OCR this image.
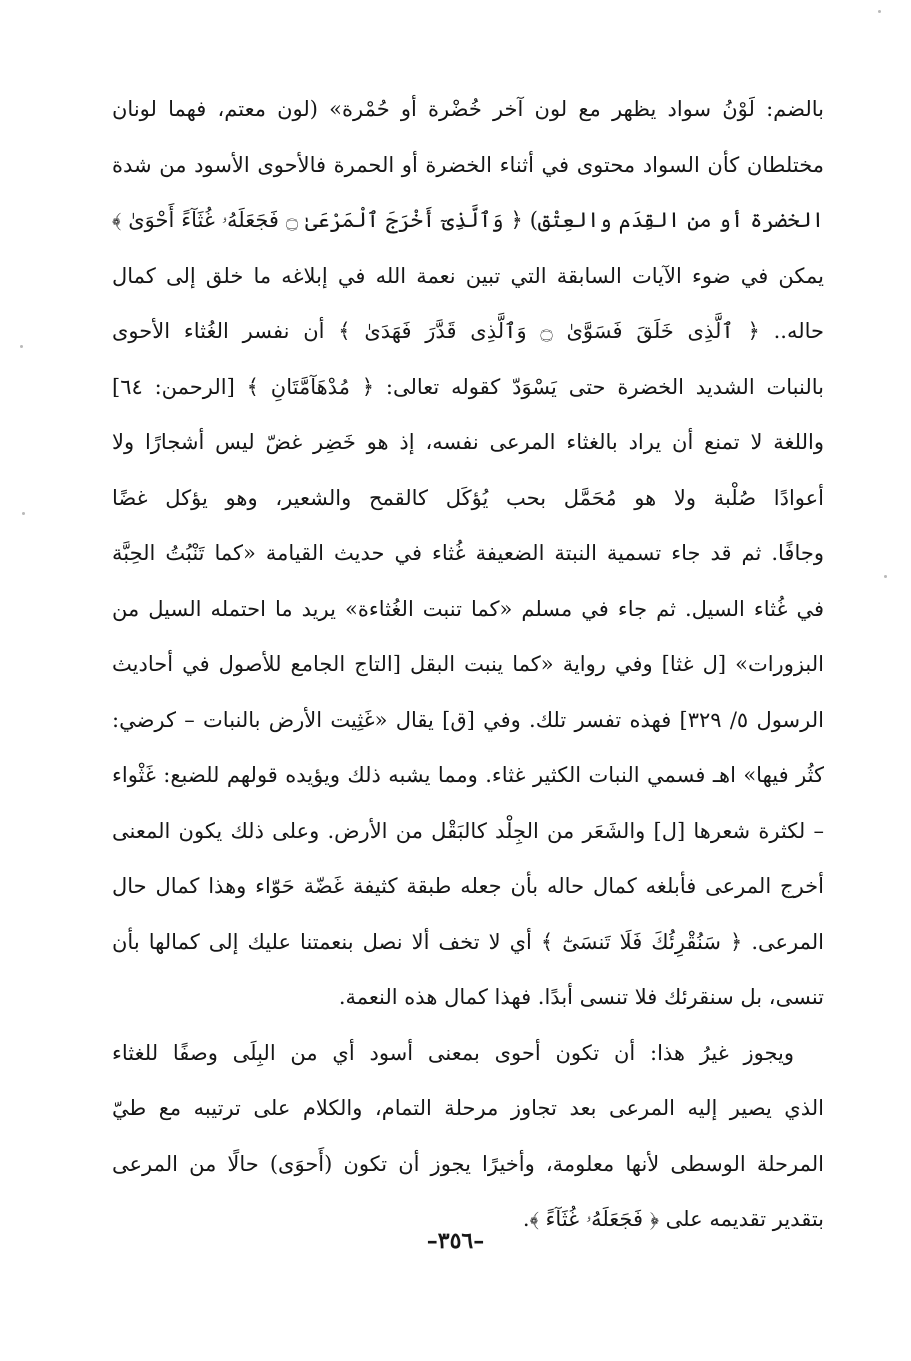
بالضم: لَوْنُ سواد يظهر مع لون آخر خُضْرة أو حُمْرة» (لون معتم، فهما لونان
مختلطان كأن السواد محتوى في أثناء الخضرة أو الحمرة فالأحوى الأسود من شدة
الخضرة أو من القِدَم والعِتْق) ﴿ وَٱلَّذِىٓ أَخْرَجَ ٱلْمَرْعَىٰ ۝ فَجَعَلَهُۥ غُثَآءً أَحْوَىٰ ﴾
يمكن في ضوء الآيات السابقة التي تبين نعمة الله في إبلاغه ما خلق إلى كمال
حاله.. ﴿ ٱلَّذِى خَلَقَ فَسَوَّىٰ ۝ وَٱلَّذِى قَدَّرَ فَهَدَىٰ ﴾ أن نفسر الغُثاء الأحوى
بالنبات الشديد الخضرة حتى يَسْوَدّ كقوله تعالى: ﴿ مُدْهَآمَّتَانِ ﴾ [الرحمن: ٦٤]
واللغة لا تمنع أن يراد بالغثاء المرعى نفسه، إذ هو خَضِر غضّ ليس أشجارًا ولا
أعوادًا صُلْبة ولا هو مُحَمَّل بحب يُؤكَل كالقمح والشعير، وهو يؤكل غضًا
وجافًا. ثم قد جاء تسمية النبتة الضعيفة غُثاء في حديث القيامة «كما تَنْبُتُ الحِبَّة
في غُثاء السيل. ثم جاء في مسلم «كما تنبت الغُثاءة» يريد ما احتمله السيل من
البزورات» [ل غثا] وفي رواية «كما ينبت البقل [التاج الجامع للأصول في أحاديث
الرسول ٥/ ٣٢٩] فهذه تفسر تلك. وفي [ق] يقال «غَثِيت الأرض بالنبات – كرضي:
كثُر فيها» اهـ فسمي النبات الكثير غثاء. ومما يشبه ذلك ويؤيده قولهم للضبع: غَثْواء
– لكثرة شعرها [ل] والشَعَر من الجِلْد كالبَقْل من الأرض. وعلى ذلك يكون المعنى
أخرج المرعى فأبلغه كمال حاله بأن جعله طبقة كثيفة غَضّة حَوّاء وهذا كمال حال
المرعى. ﴿ سَنُقْرِئُكَ فَلَا تَنسَىٰٓ ﴾ أي لا تخف ألا نصل بنعمتنا عليك إلى كمالها بأن
تنسى، بل سنقرئك فلا تنسى أبدًا. فهذا كمال هذه النعمة.
ويجوز غيرُ هذا: أن تكون أحوى بمعنى أسود أي من البِلَى وصفًا للغثاء
الذي يصير إليه المرعى بعد تجاوز مرحلة التمام، والكلام على ترتيبه مع طيّ
المرحلة الوسطى لأنها معلومة، وأخيرًا يجوز أن تكون (أَحوَى) حالًا من المرعى
بتقدير تقديمه على ﴿ فَجَعَلَهُۥ غُثَآءً ﴾.
–٣٥٦–
